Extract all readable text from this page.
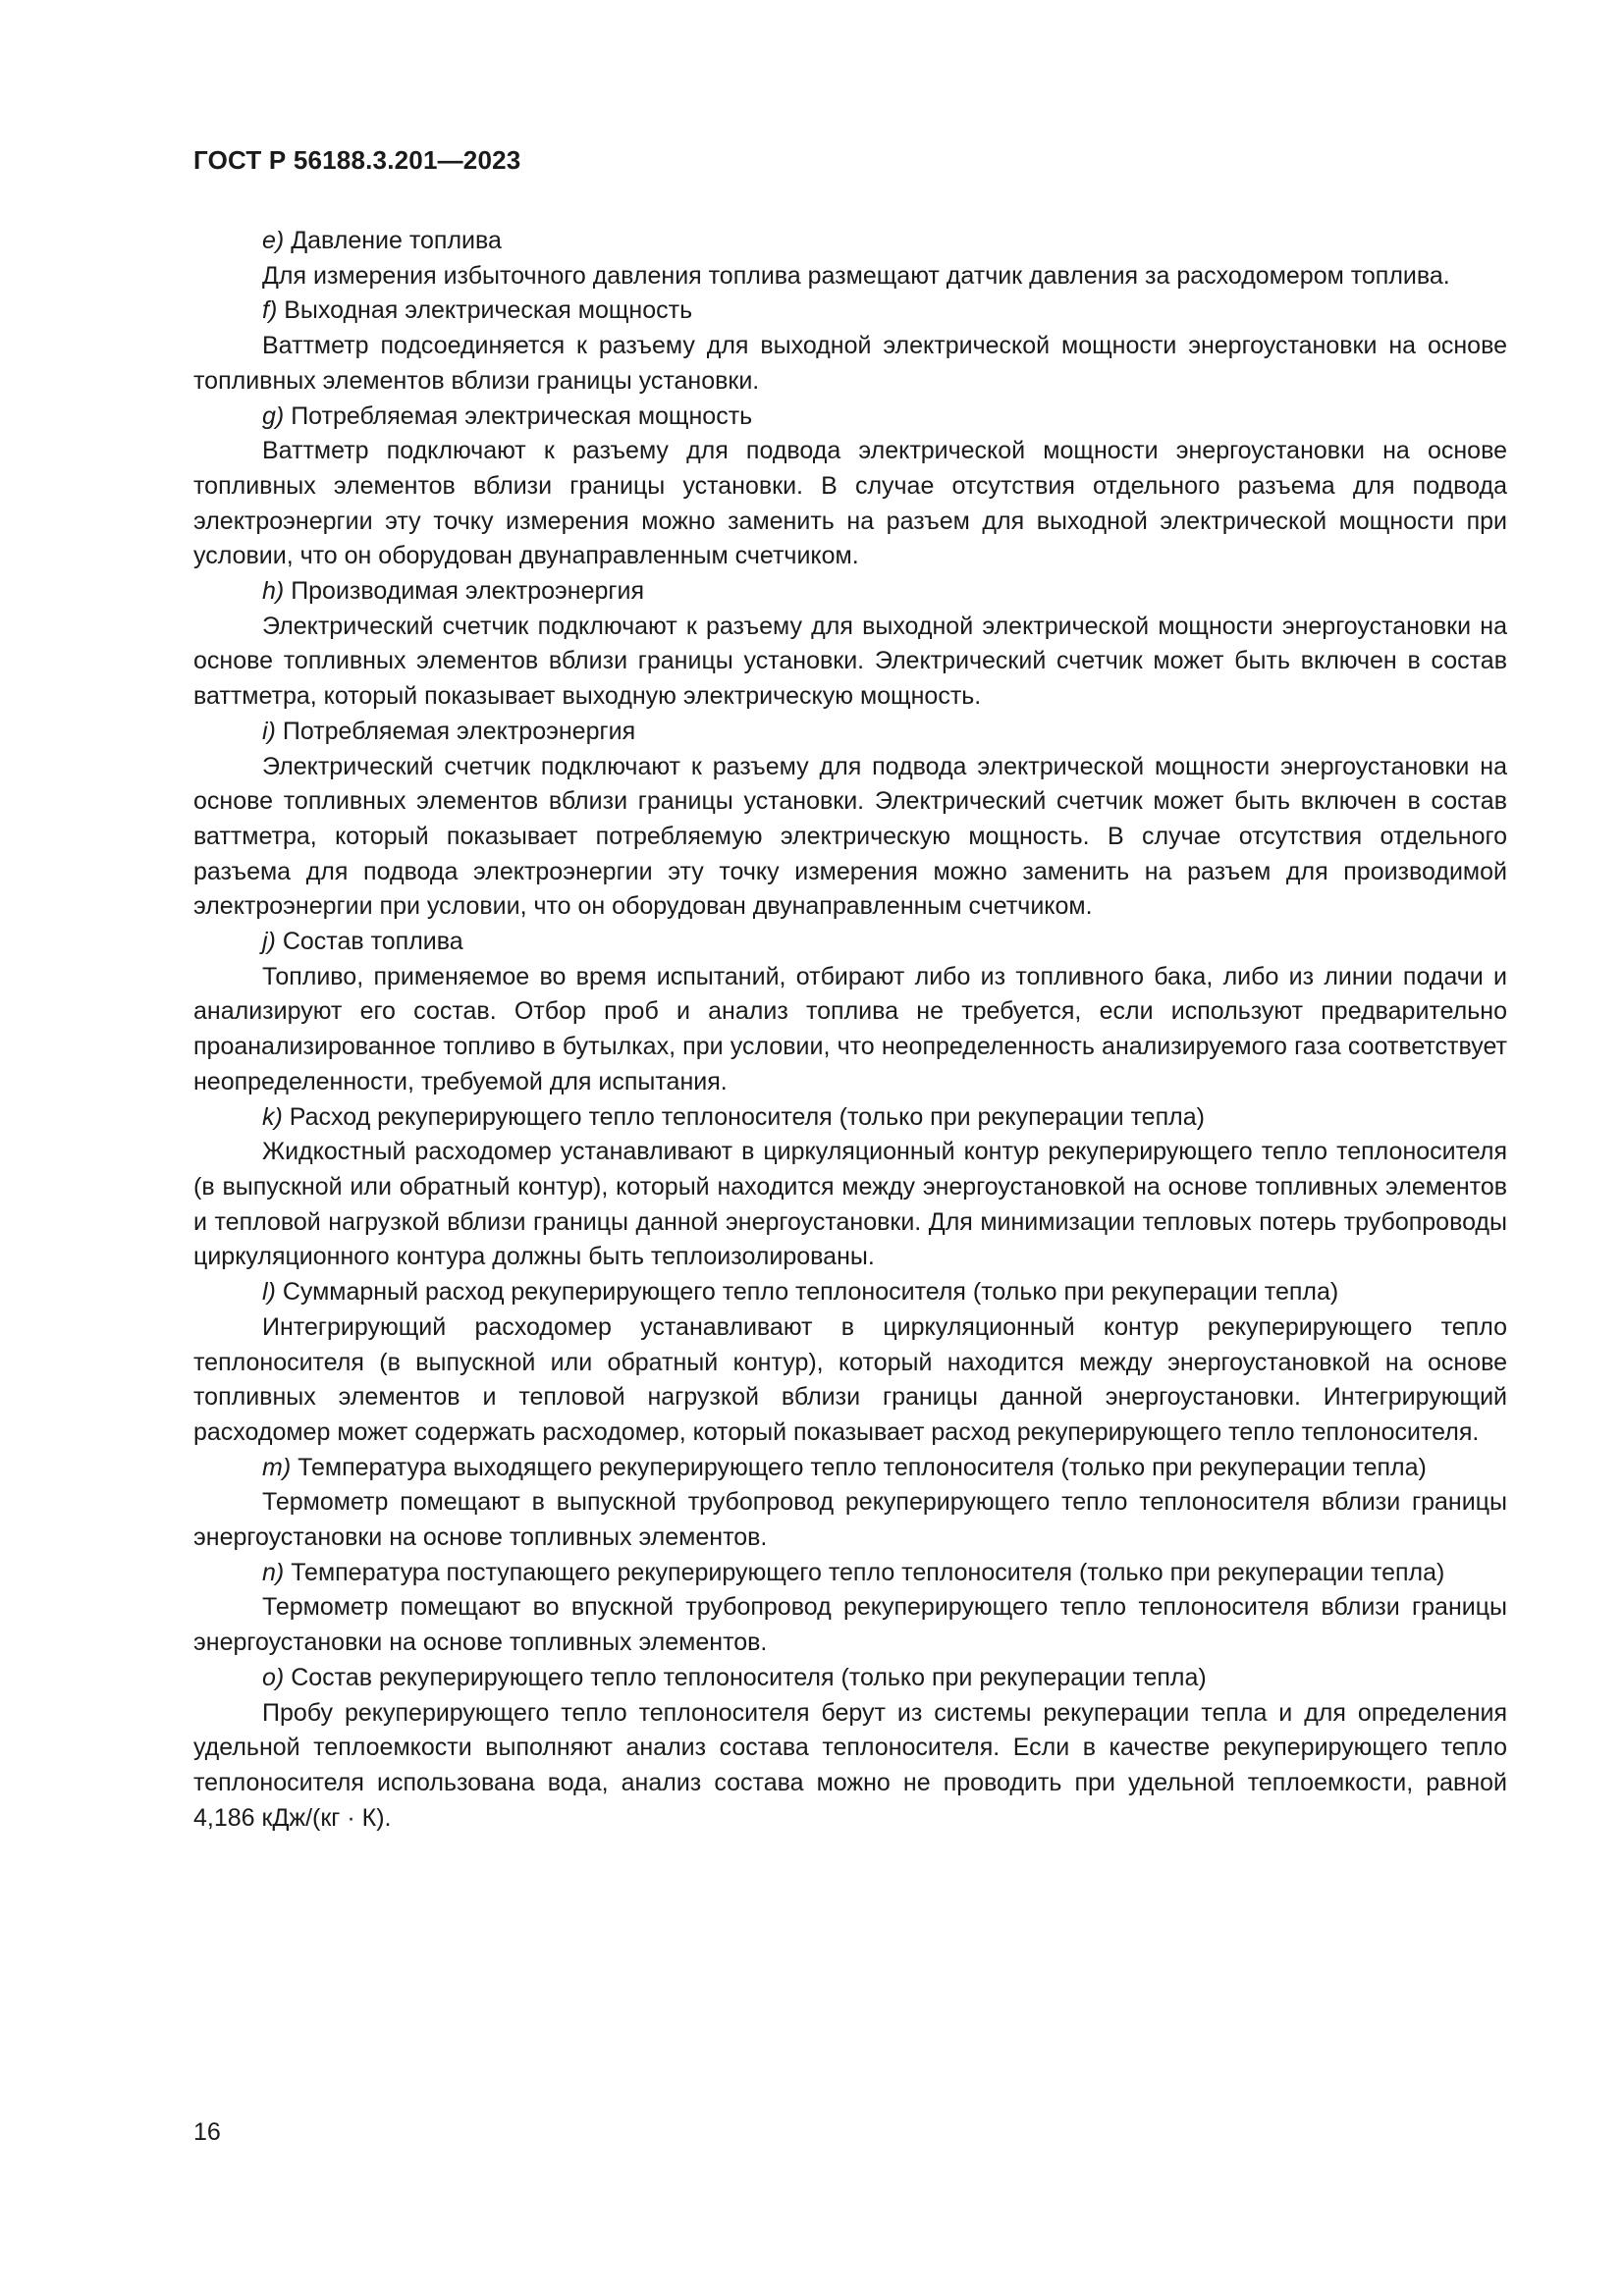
ГОСТ Р 56188.3.201—2023

e) Давление топлива

Для измерения избыточного давления топлива размещают датчик давления за расходомером топлива.

f) Выходная электрическая мощность

Ваттметр подсоединяется к разъему для выходной электрической мощности энергоустановки на основе топливных элементов вблизи границы установки.

g) Потребляемая электрическая мощность

Ваттметр подключают к разъему для подвода электрической мощности энергоустановки на основе топливных элементов вблизи границы установки. В случае отсутствия отдельного разъема для подвода электроэнергии эту точку измерения можно заменить на разъем для выходной электрической мощности при условии, что он оборудован двунаправленным счетчиком.

h) Производимая электроэнергия

Электрический счетчик подключают к разъему для выходной электрической мощности энергоустановки на основе топливных элементов вблизи границы установки. Электрический счетчик может быть включен в состав ваттметра, который показывает выходную электрическую мощность.

i) Потребляемая электроэнергия

Электрический счетчик подключают к разъему для подвода электрической мощности энергоустановки на основе топливных элементов вблизи границы установки. Электрический счетчик может быть включен в состав ваттметра, который показывает потребляемую электрическую мощность. В случае отсутствия отдельного разъема для подвода электроэнергии эту точку измерения можно заменить на разъем для производимой электроэнергии при условии, что он оборудован двунаправленным счетчиком.

j) Состав топлива

Топливо, применяемое во время испытаний, отбирают либо из топливного бака, либо из линии подачи и анализируют его состав. Отбор проб и анализ топлива не требуется, если используют предварительно проанализированное топливо в бутылках, при условии, что неопределенность анализируемого газа соответствует неопределенности, требуемой для испытания.

k) Расход рекуперирующего тепло теплоносителя (только при рекуперации тепла)

Жидкостный расходомер устанавливают в циркуляционный контур рекуперирующего тепло теплоносителя (в выпускной или обратный контур), который находится между энергоустановкой на основе топливных элементов и тепловой нагрузкой вблизи границы данной энергоустановки. Для минимизации тепловых потерь трубопроводы циркуляционного контура должны быть теплоизолированы.

l) Суммарный расход рекуперирующего тепло теплоносителя (только при рекуперации тепла)

Интегрирующий расходомер устанавливают в циркуляционный контур рекуперирующего тепло теплоносителя (в выпускной или обратный контур), который находится между энергоустановкой на основе топливных элементов и тепловой нагрузкой вблизи границы данной энергоустановки. Интегрирующий расходомер может содержать расходомер, который показывает расход рекуперирующего тепло теплоносителя.

m) Температура выходящего рекуперирующего тепло теплоносителя (только при рекуперации тепла)

Термометр помещают в выпускной трубопровод рекуперирующего тепло теплоносителя вблизи границы энергоустановки на основе топливных элементов.

n) Температура поступающего рекуперирующего тепло теплоносителя (только при рекуперации тепла)

Термометр помещают во впускной трубопровод рекуперирующего тепло теплоносителя вблизи границы энергоустановки на основе топливных элементов.

o) Состав рекуперирующего тепло теплоносителя (только при рекуперации тепла)

Пробу рекуперирующего тепло теплоносителя берут из системы рекуперации тепла и для определения удельной теплоемкости выполняют анализ состава теплоносителя. Если в качестве рекуперирующего тепло теплоносителя использована вода, анализ состава можно не проводить при удельной теплоемкости, равной 4,186 кДж/(кг · К).

16
